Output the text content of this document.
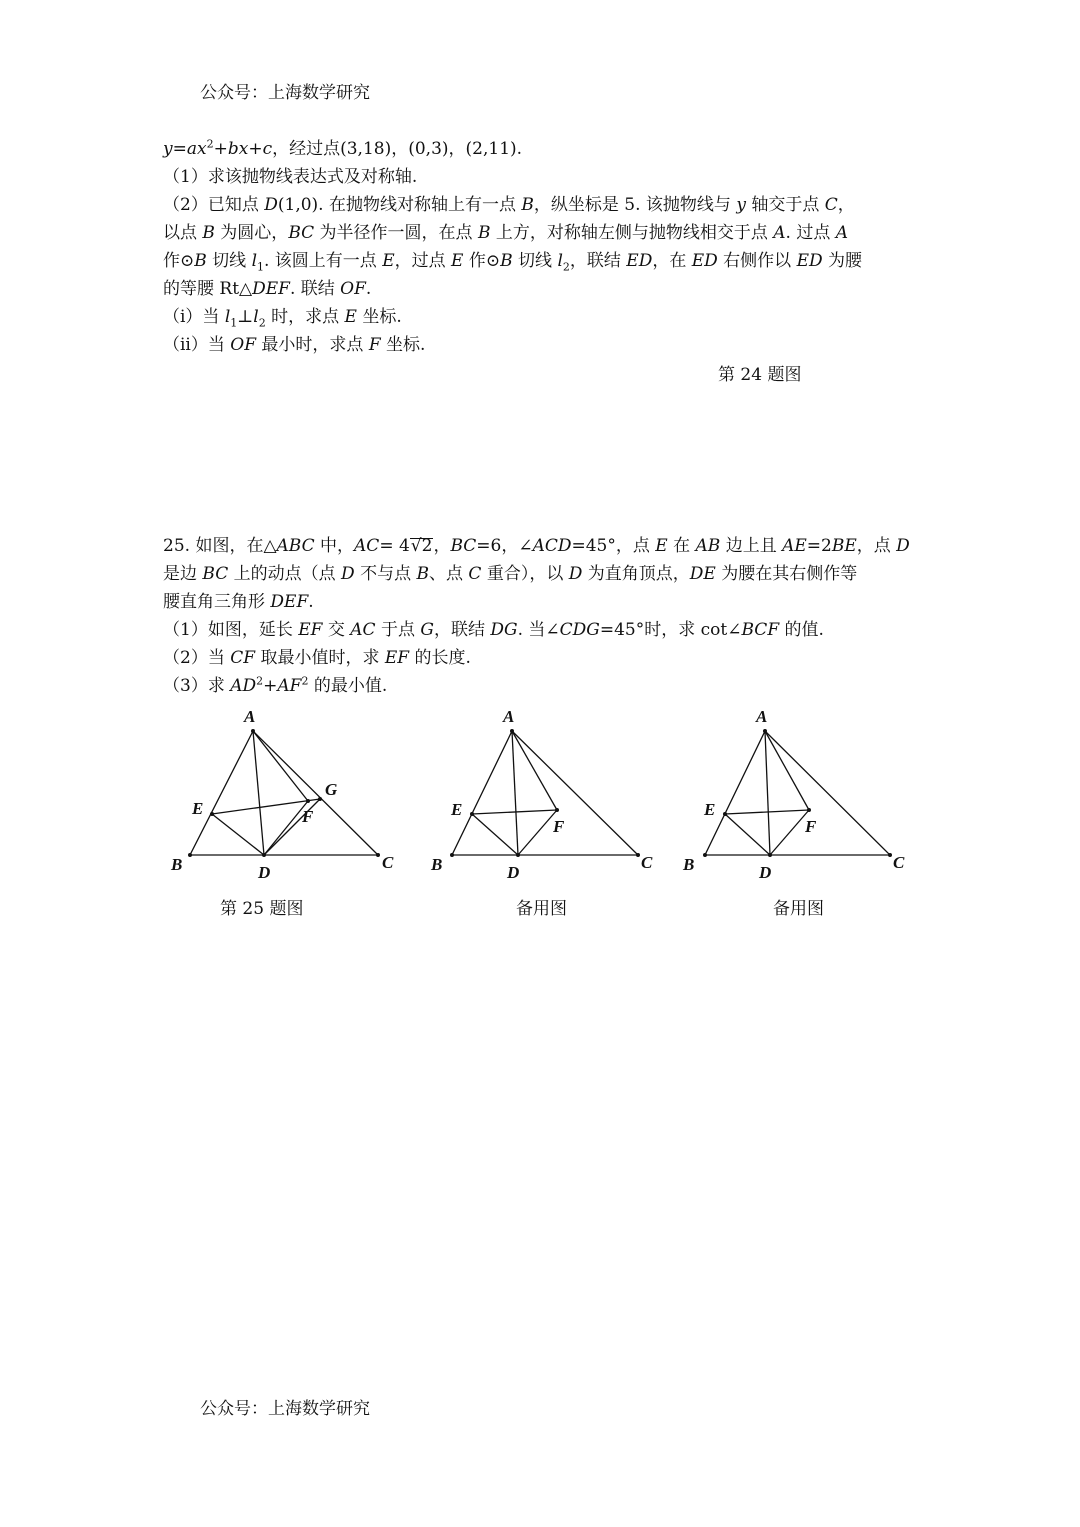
公众号：上海数学研究
$y=ax^2+bx+c$，经过点(3,18)，(0,3)，(2,11).
（1）求该抛物线表达式及对称轴.
（2）已知点 D(1,0). 在抛物线对称轴上有一点 B，纵坐标是 5. 该抛物线与 y 轴交于点 C，
以点 B 为圆心，BC 为半径作一圆，在点 B 上方，对称轴左侧与抛物线相交于点 A. 过点 A
作⊙B 切线 $l_1$. 该圆上有一点 E，过点 E 作⊙B 切线 $l_2$，联结 ED，在 ED 右侧作以 ED 为腰
的等腰 Rt△DEF. 联结 OF.
（i）当 $l_1\perp l_2$ 时，求点 E 坐标.
（ii）当 OF 最小时，求点 F 坐标.
第 24 题图
25. 如图，在△ABC 中，AC= 4√2，BC=6，∠ACD=45°，点 E 在 AB 边上且 AE=2BE，点 D
是边 BC 上的动点（点 D 不与点 B、点 C 重合），以 D 为直角顶点，DE 为腰在其右侧作等
腰直角三角形 DEF.
（1）如图，延长 EF 交 AC 于点 G，联结 DG. 当∠CDG=45°时，求 cot∠BCF 的值.
（2）当 CF 取最小值时，求 EF 的长度.
（3）求 $AD^2+AF^2$ 的最小值.
A
B	C
D
E	F
G
A
B	C
D
E
F
A
B	C
D
E
F
第 25 题图	备用图	备用图
公众号：上海数学研究
